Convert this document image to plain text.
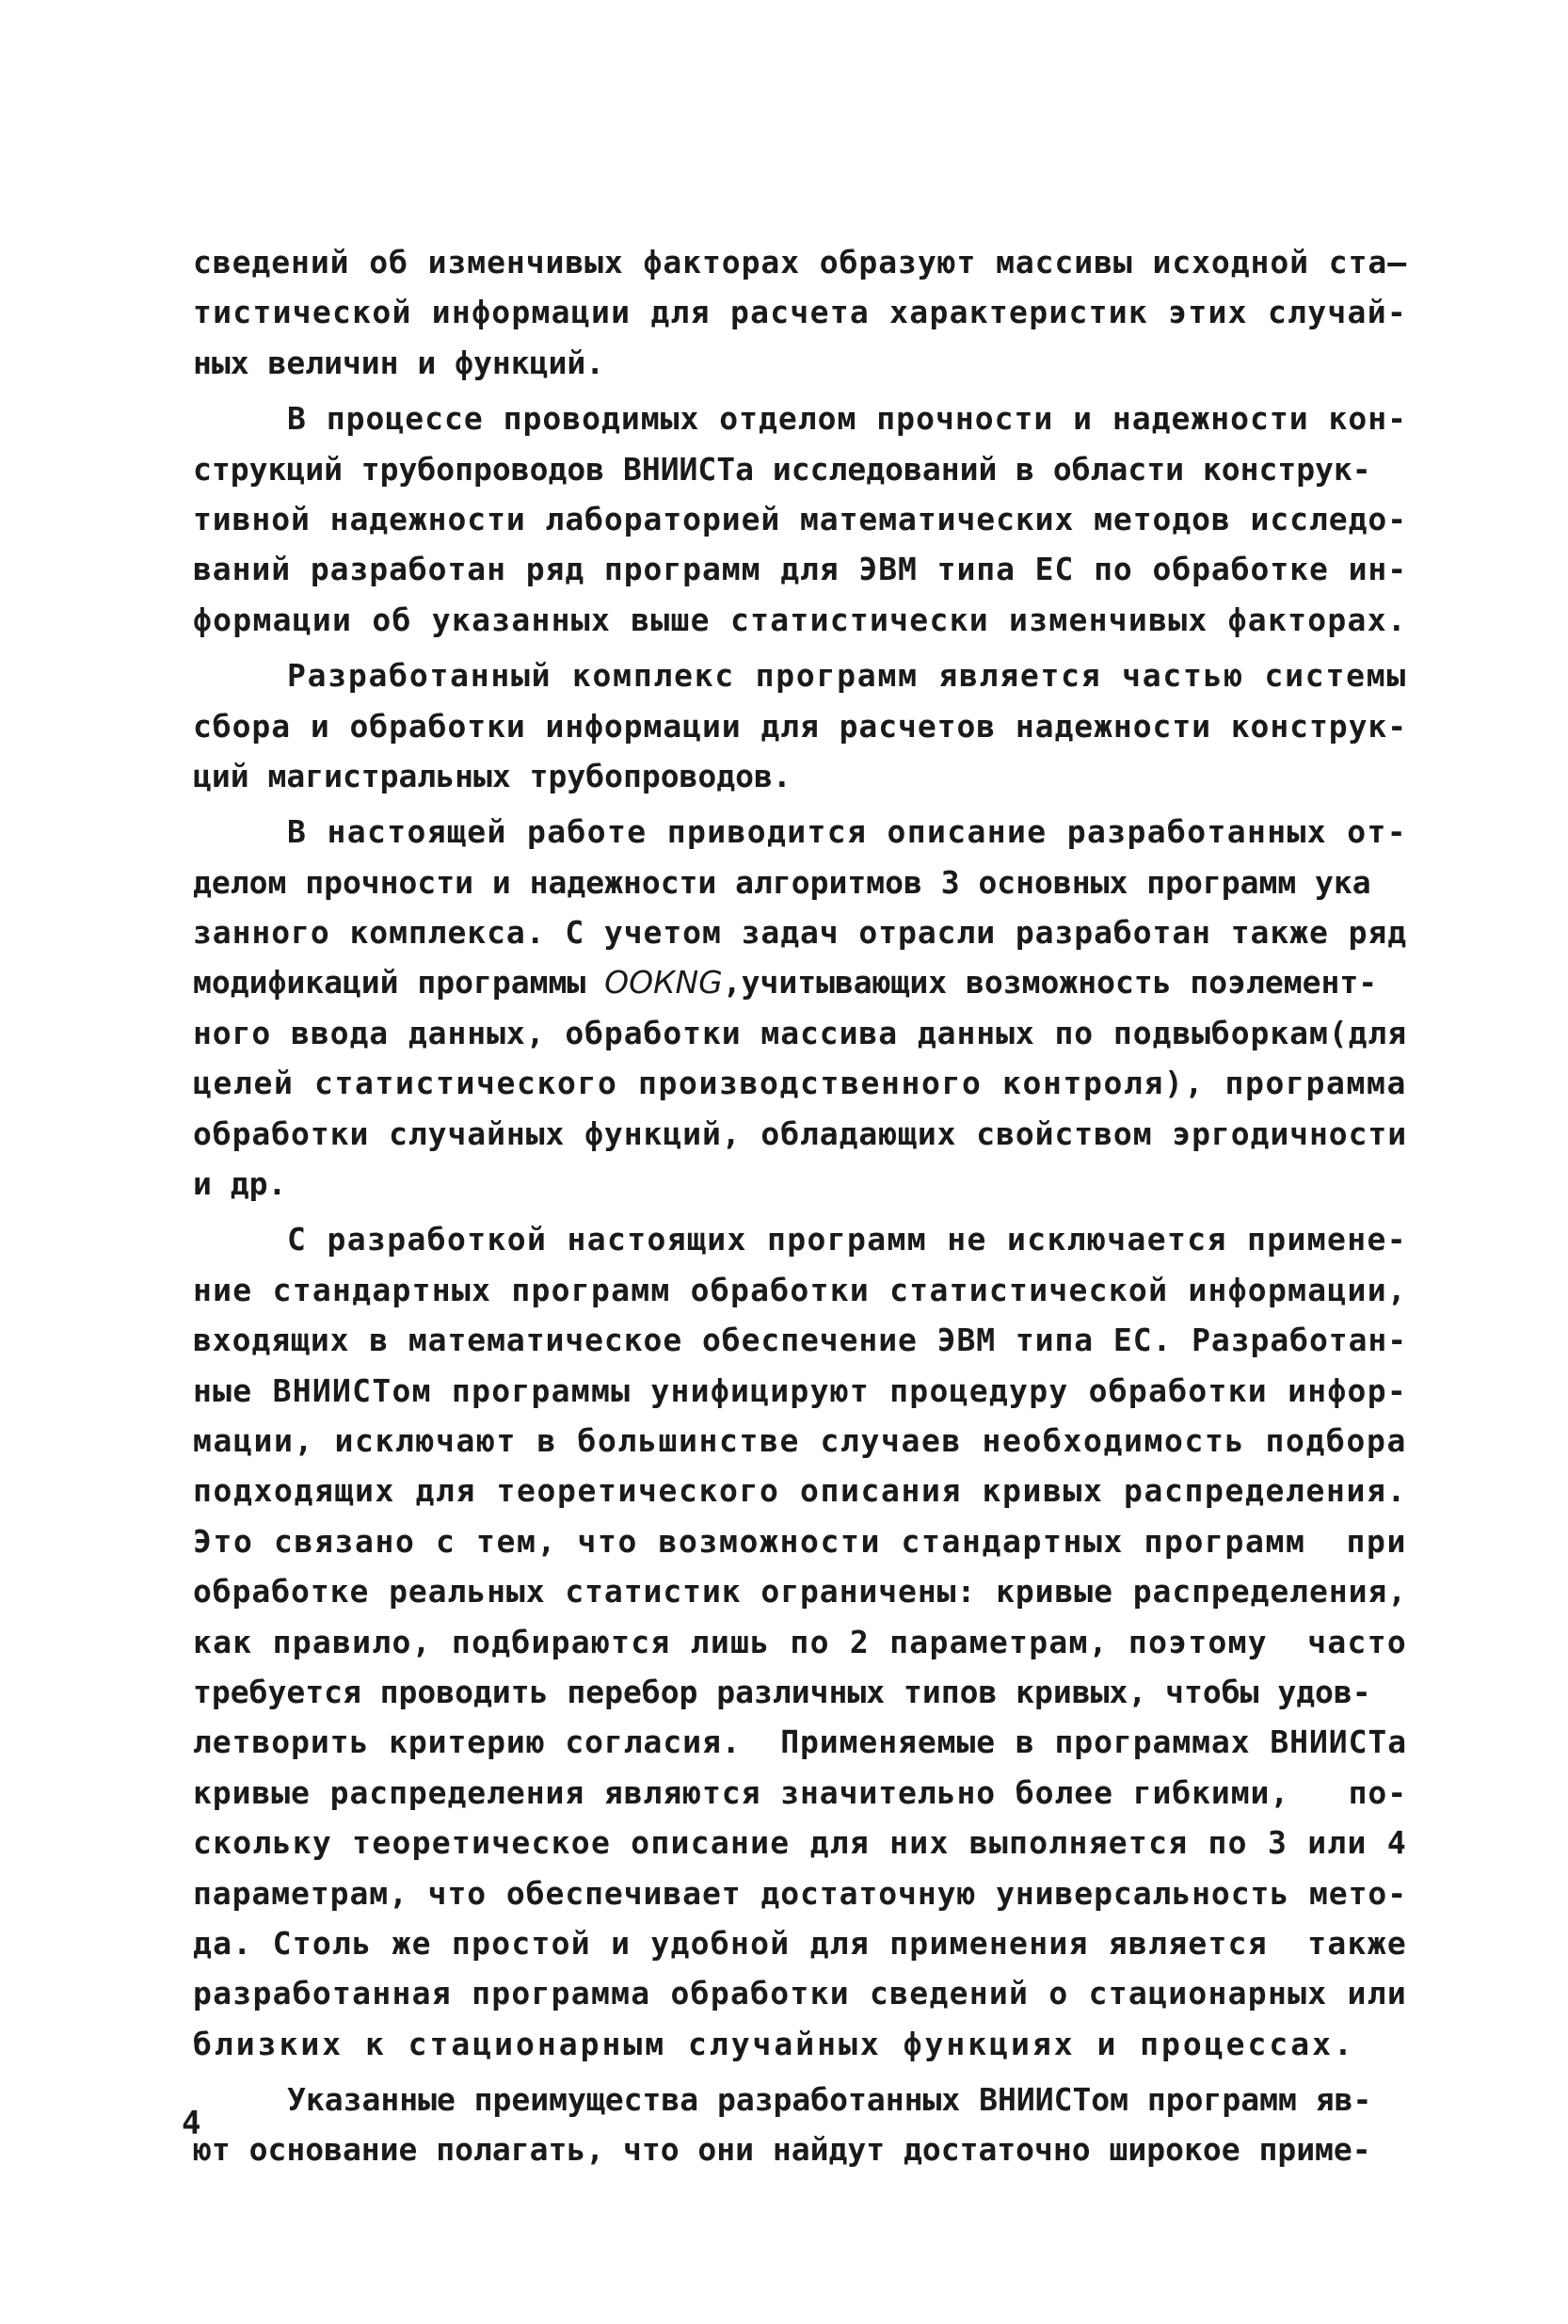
сведений об изменчивых факторах образуют массивы исходной ста—
тистической информации для расчета характеристик этих случай-
ных величин и функций.
В процессе проводимых отделом прочности и надежности кон-
струкций трубопроводов ВНИИСТа исследований в области конструк-
тивной надежности лабораторией математических методов исследо-
ваний разработан ряд программ для ЭВМ типа ЕС по обработке ин-
формации об указанных выше статистически изменчивых факторах.
Разработанный комплекс программ является частью системы
сбора и обработки информации для расчетов надежности конструк-
ций магистральных трубопроводов.
В настоящей работе приводится описание разработанных от-
делом прочности и надежности алгоритмов 3 основных программ ука
занного комплекса. С учетом задач отрасли разработан также ряд
модификаций программы ООКNG,учитывающих возможность поэлемент-
ного ввода данных, обработки массива данных по подвыборкам(для
целей статистического производственного контроля), программа
обработки случайных функций, обладающих свойством эргодичности
и др.
С разработкой настоящих программ не исключается примене-
ние стандартных программ обработки статистической информации,
входящих в математическое обеспечение ЭВМ типа ЕС. Разработан-
ные ВНИИСТом программы унифицируют процедуру обработки инфор-
мации, исключают в большинстве случаев необходимость подбора
подходящих для теоретического описания кривых распределения.
Это связано с тем, что возможности стандартных программ  при
обработке реальных статистик ограничены: кривые распределения,
как правило, подбираются лишь по 2 параметрам, поэтому  часто
требуется проводить перебор различных типов кривых, чтобы удов-
летворить критерию согласия.  Применяемые в программах ВНИИСТа
кривые распределения являются значительно более гибкими,   по-
скольку теоретическое описание для них выполняется по 3 или 4
параметрам, что обеспечивает достаточную универсальность мето-
да. Столь же простой и удобной для применения является  также
разработанная программа обработки сведений о стационарных или
близких к стационарным случайных функциях и процессах.
Указанные преимущества разработанных ВНИИСТом программ яв-
ют основание полагать, что они найдут достаточно широкое приме-
4
